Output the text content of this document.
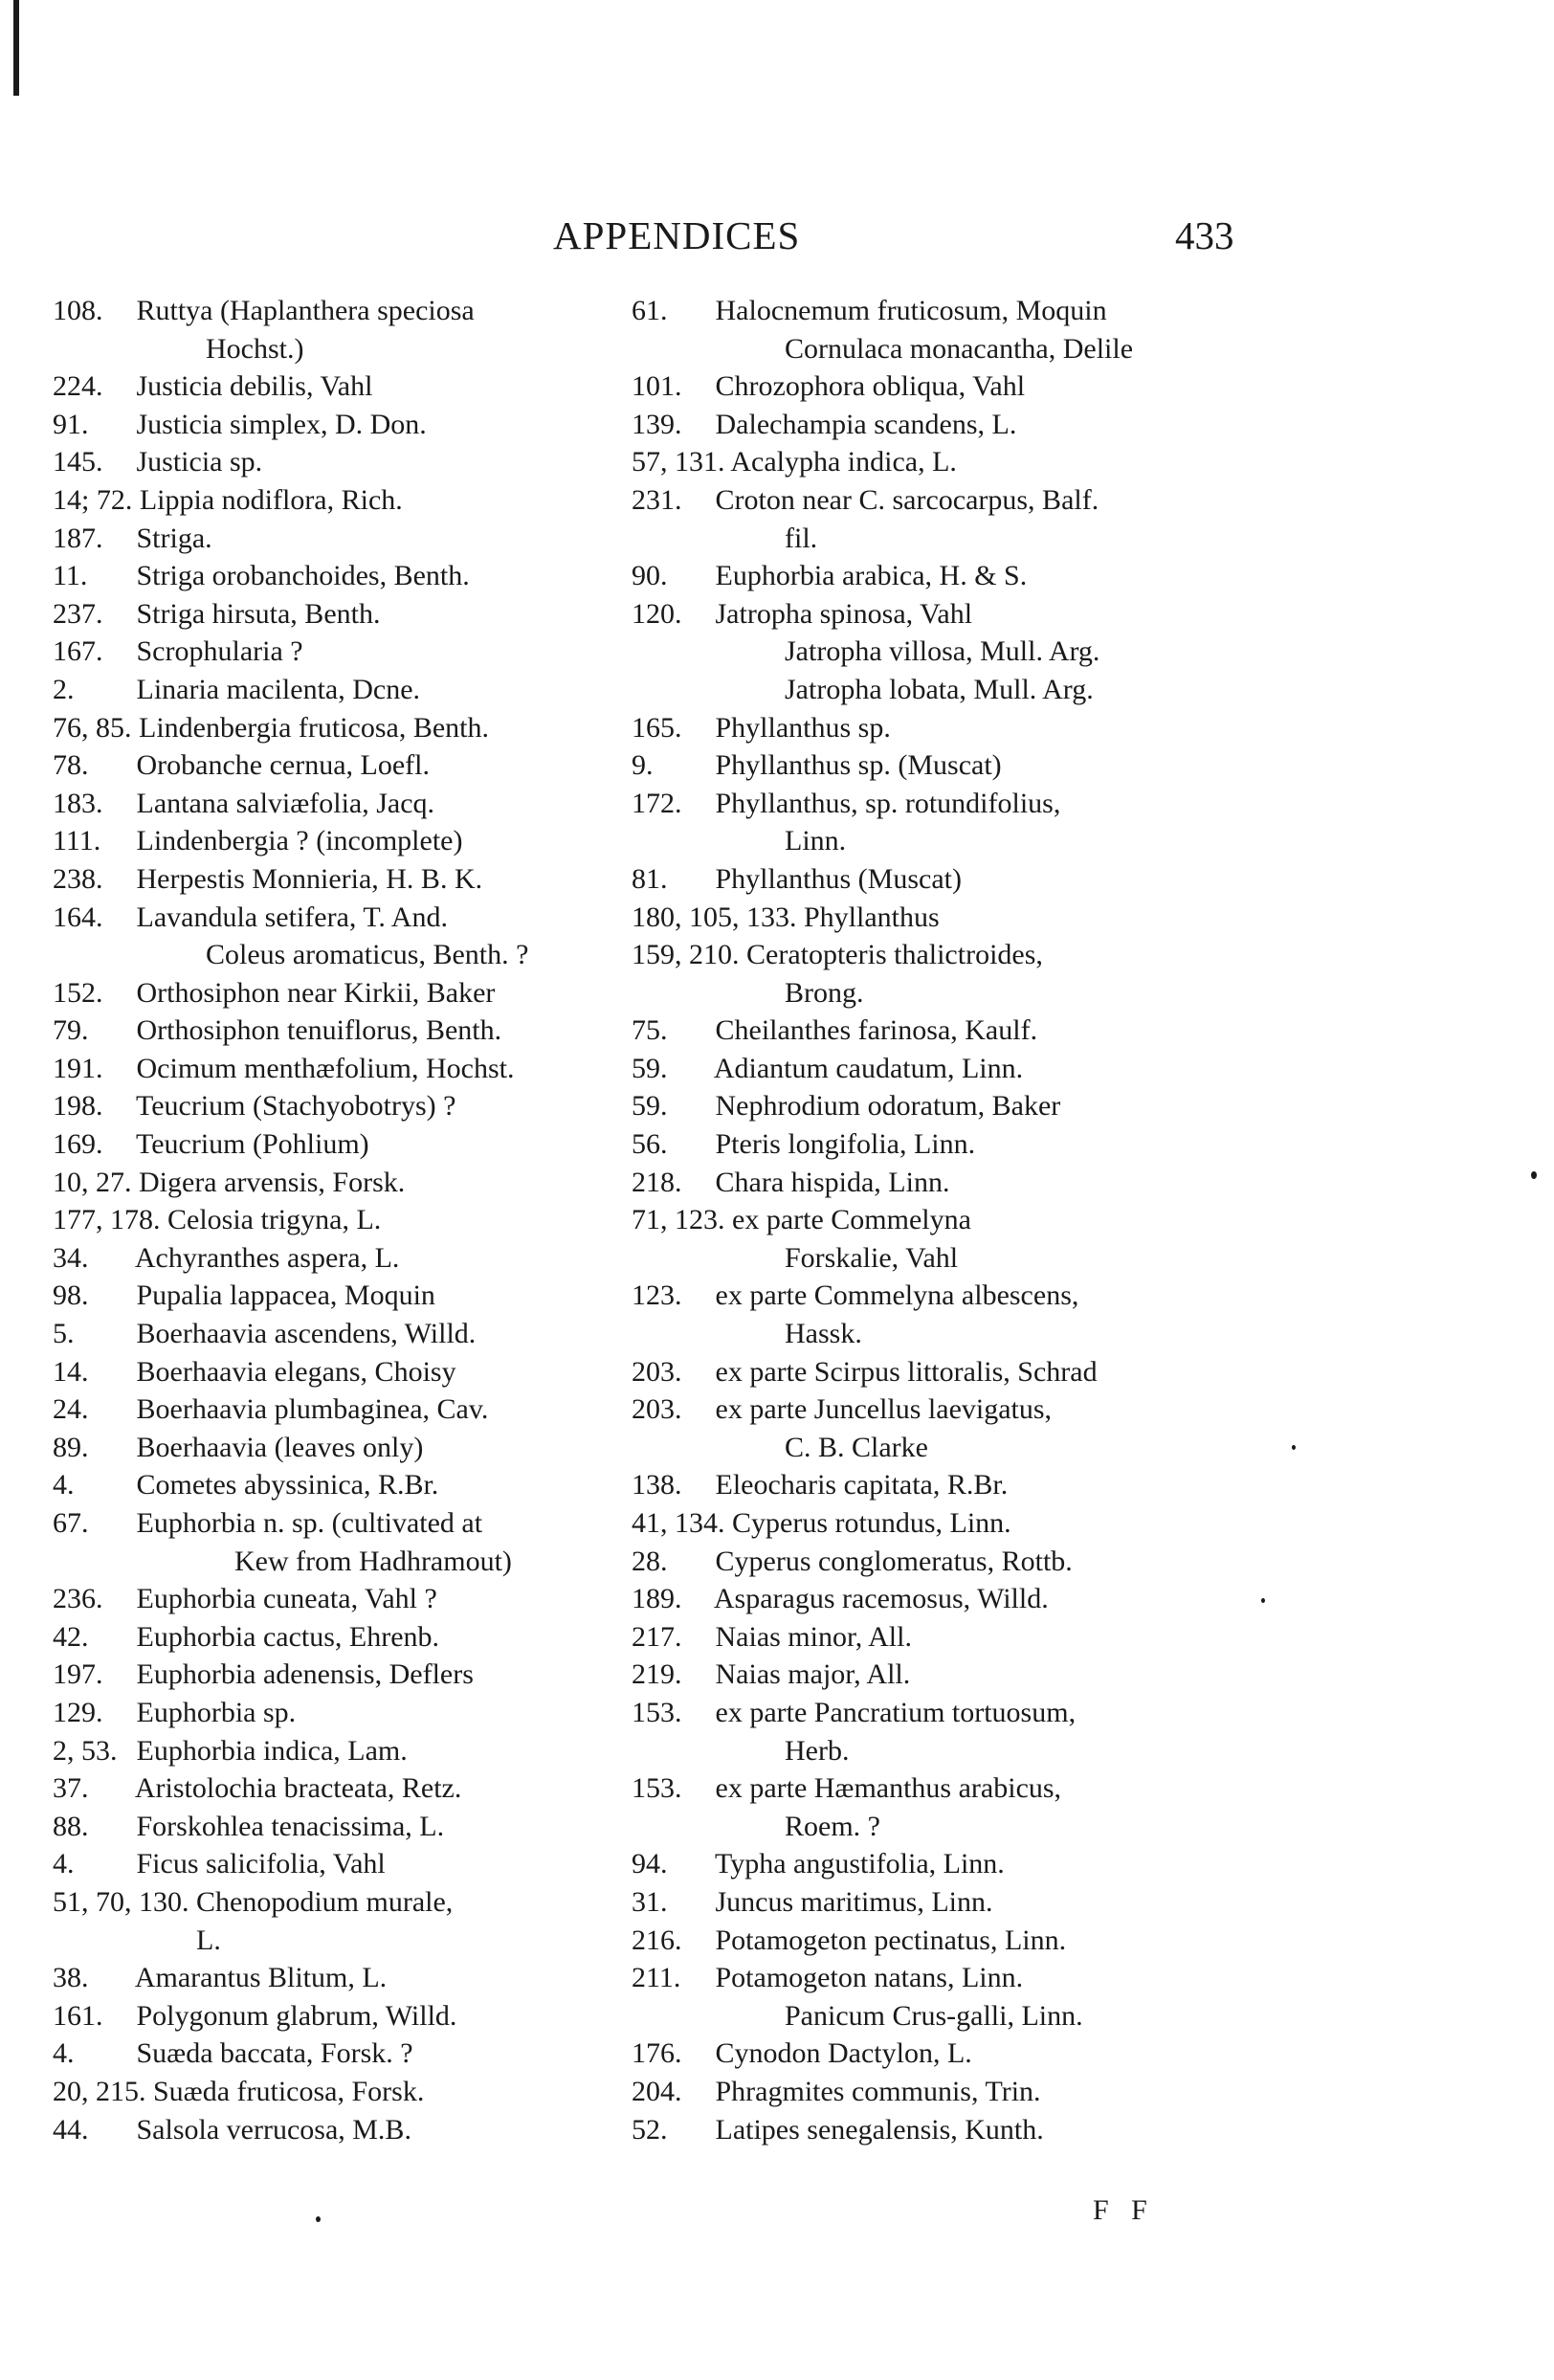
APPENDICES	433
108. Ruttya (Haplanthera speciosa
Hochst.)
224. Justicia debilis, Vahl
91. Justicia simplex, D. Don.
145. Justicia sp.
14; 72. Lippia nodiflora, Rich.
187. Striga.
11. Striga orobanchoides, Benth.
237. Striga hirsuta, Benth.
167. Scrophularia ?
2. Linaria macilenta, Dcne.
76, 85. Lindenbergia fruticosa, Benth.
78. Orobanche cernua, Loefl.
183. Lantana salviæfolia, Jacq.
111. Lindenbergia ? (incomplete)
238. Herpestis Monnieria, H. B. K.
164. Lavandula setifera, T. And.
Coleus aromaticus, Benth. ?
152. Orthosiphon near Kirkii, Baker
79. Orthosiphon tenuiflorus, Benth.
191. Ocimum menthæfolium, Hochst.
198. Teucrium (Stachyobotrys) ?
169. Teucrium (Pohlium)
10, 27. Digera arvensis, Forsk.
177, 178. Celosia trigyna, L.
34. Achyranthes aspera, L.
98. Pupalia lappacea, Moquin
5. Boerhaavia ascendens, Willd.
14. Boerhaavia elegans, Choisy
24. Boerhaavia plumbaginea, Cav.
89. Boerhaavia (leaves only)
4. Cometes abyssinica, R.Br.
67. Euphorbia n. sp. (cultivated at
Kew from Hadhramout)
236. Euphorbia cuneata, Vahl ?
42. Euphorbia cactus, Ehrenb.
197. Euphorbia adenensis, Deflers
129. Euphorbia sp.
2, 53. Euphorbia indica, Lam.
37. Aristolochia bracteata, Retz.
88. Forskohlea tenacissima, L.
4. Ficus salicifolia, Vahl
51, 70, 130. Chenopodium murale,
L.
38. Amarantus Blitum, L.
161. Polygonum glabrum, Willd.
4. Suæda baccata, Forsk. ?
20, 215. Suæda fruticosa, Forsk.
44. Salsola verrucosa, M.B.
61. Halocnemum fruticosum, Moquin
Cornulaca monacantha, Delile
101. Chrozophora obliqua, Vahl
139. Dalechampia scandens, L.
57, 131. Acalypha indica, L.
231. Croton near C. sarcocarpus, Balf.
fil.
90. Euphorbia arabica, H. & S.
120. Jatropha spinosa, Vahl
Jatropha villosa, Mull. Arg.
Jatropha lobata, Mull. Arg.
165. Phyllanthus sp.
9. Phyllanthus sp. (Muscat)
172. Phyllanthus, sp. rotundifolius,
Linn.
81. Phyllanthus (Muscat)
180, 105, 133. Phyllanthus
159, 210. Ceratopteris thalictroides,
Brong.
75. Cheilanthes farinosa, Kaulf.
59. Adiantum caudatum, Linn.
59. Nephrodium odoratum, Baker
56. Pteris longifolia, Linn.
218. Chara hispida, Linn.
71, 123. ex parte Commelyna
Forskalie, Vahl
123. ex parte Commelyna albescens,
Hassk.
203. ex parte Scirpus littoralis, Schrad
203. ex parte Juncellus laevigatus,
C. B. Clarke
138. Eleocharis capitata, R.Br.
41, 134. Cyperus rotundus, Linn.
28. Cyperus conglomeratus, Rottb.
189. Asparagus racemosus, Willd.
217. Naias minor, All.
219. Naias major, All.
153. ex parte Pancratium tortuosum,
Herb.
153. ex parte Hæmanthus arabicus,
Roem. ?
94. Typha angustifolia, Linn.
31. Juncus maritimus, Linn.
216. Potamogeton pectinatus, Linn.
211. Potamogeton natans, Linn.
Panicum Crus-galli, Linn.
176. Cynodon Dactylon, L.
204. Phragmites communis, Trin.
52. Latipes senegalensis, Kunth.
F F
